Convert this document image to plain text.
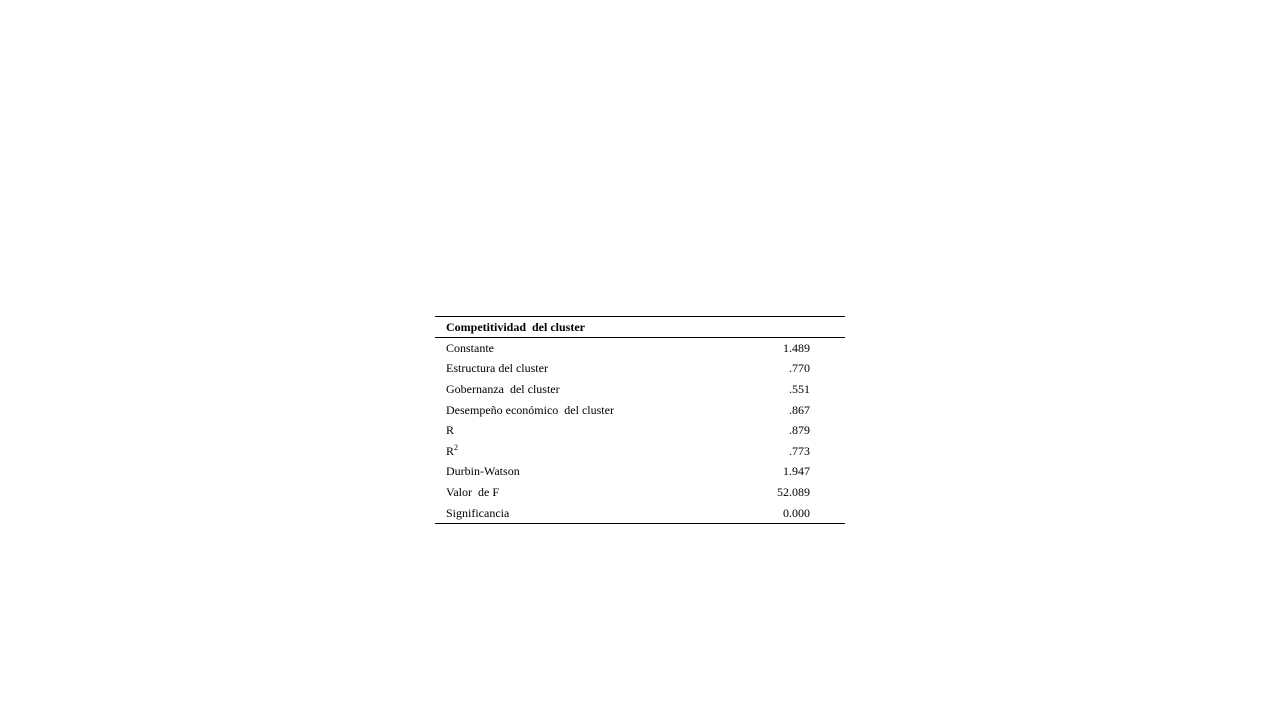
Competitividad  del cluster	
Constante	1.489
Estructura del cluster	.770
Gobernanza  del cluster	.551
Desempeño económico  del cluster	.867
R	.879
$R^2$	.773
Durbin-Watson	1.947
Valor  de F	52.089
Significancia	0.000
